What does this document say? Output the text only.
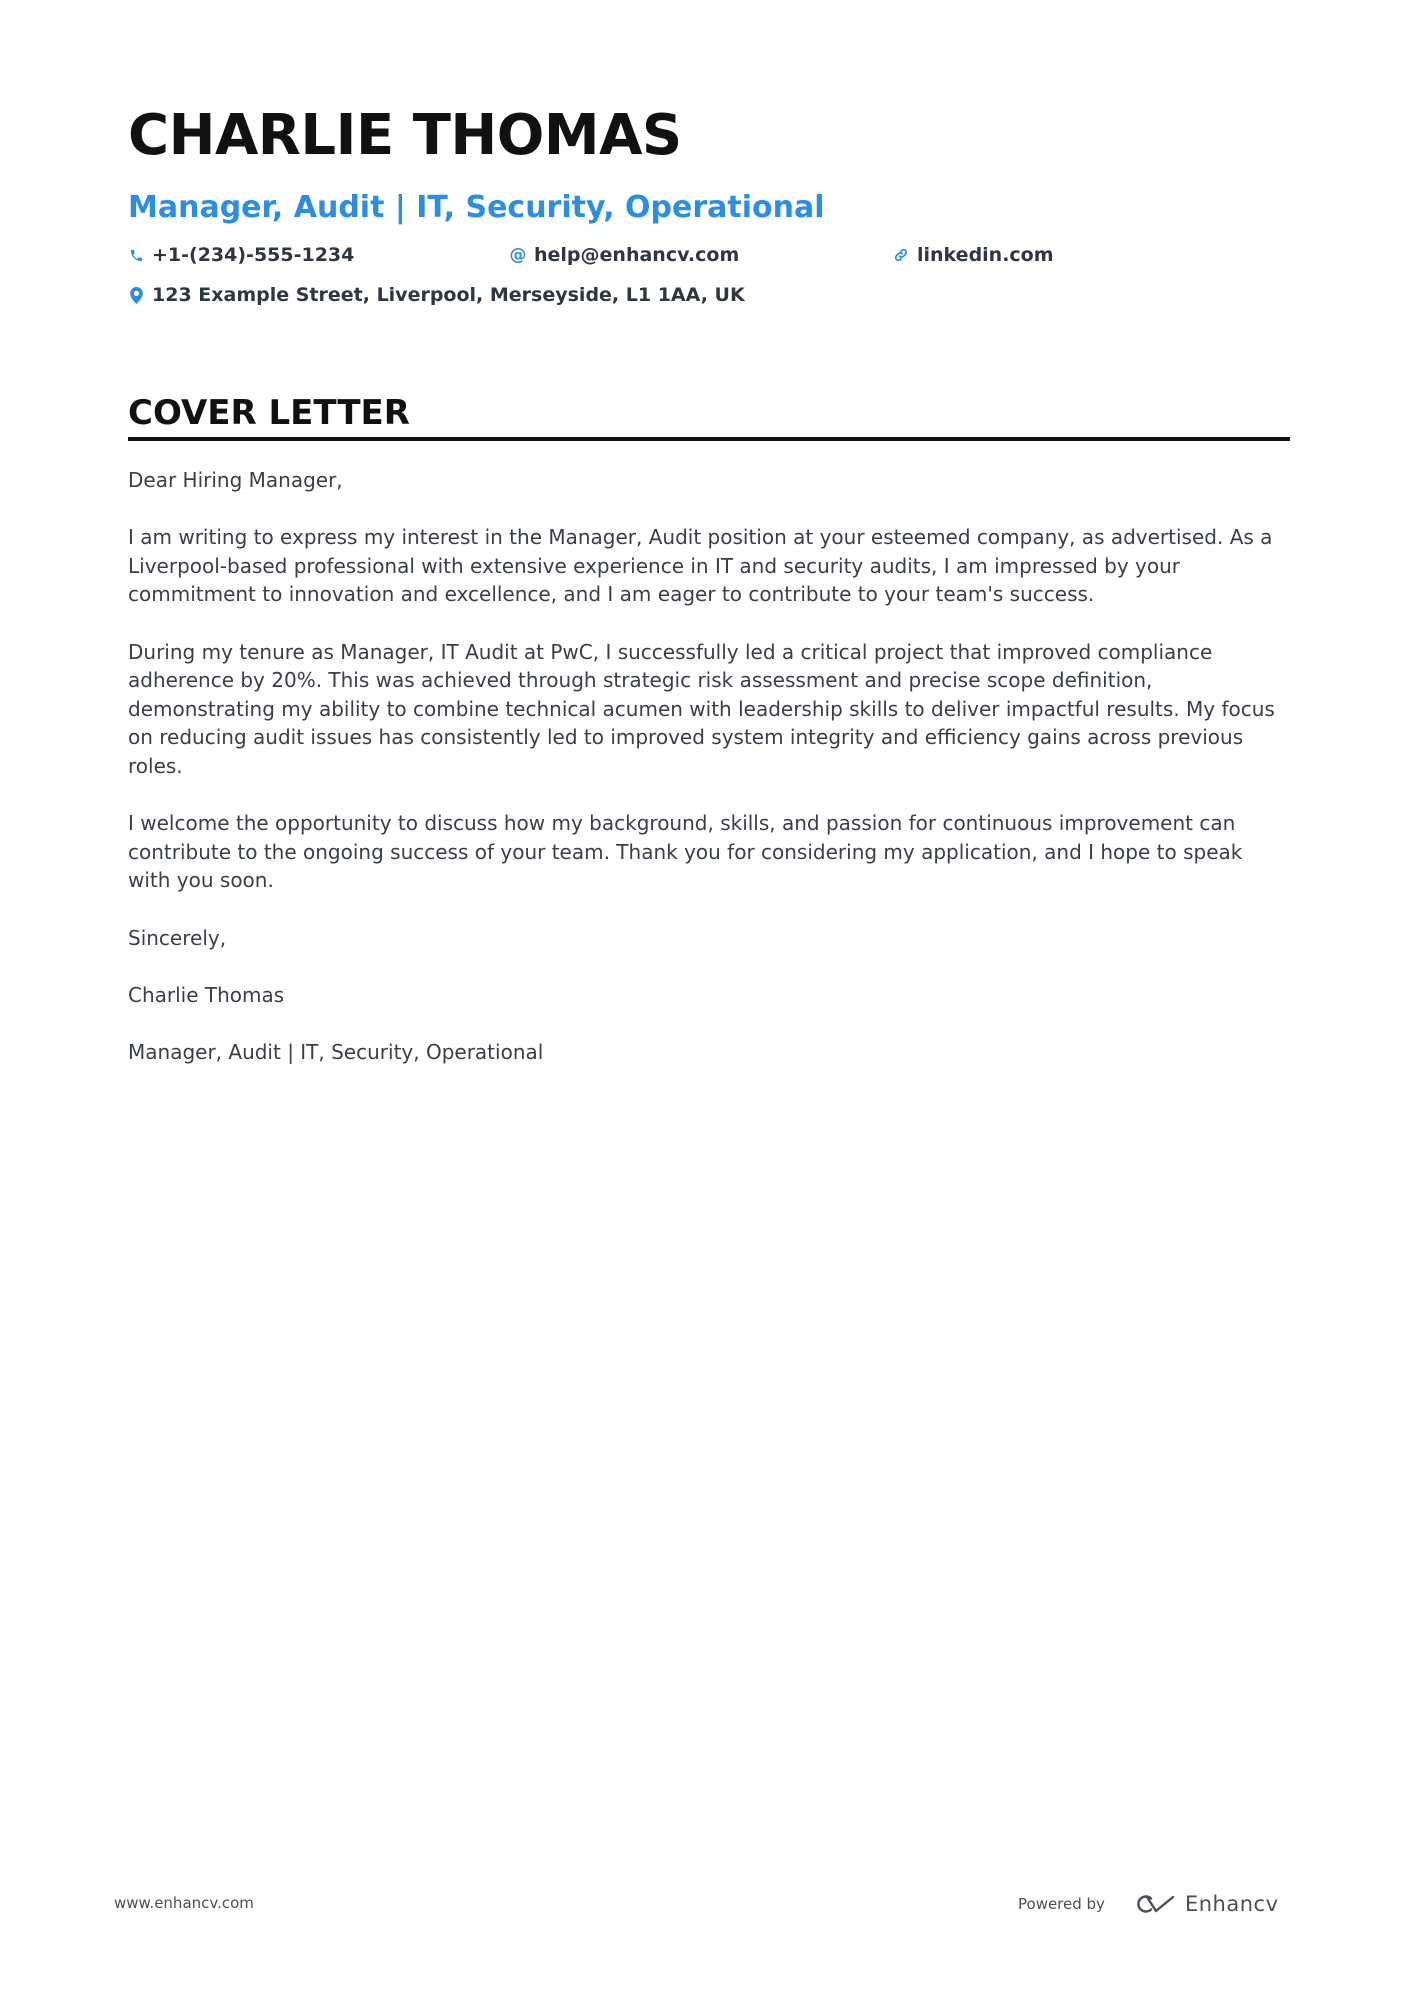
CHARLIE THOMAS
Manager, Audit | IT, Security, Operational
+1-(234)-555-1234	@ help@enhancv.com	linkedin.com
123 Example Street, Liverpool, Merseyside, L1 1AA, UK
COVER LETTER

Dear Hiring Manager,

I am writing to express my interest in the Manager, Audit position at your esteemed company, as advertised. As a Liverpool-based professional with extensive experience in IT and security audits, I am impressed by your commitment to innovation and excellence, and I am eager to contribute to your team's success.

During my tenure as Manager, IT Audit at PwC, I successfully led a critical project that improved compliance adherence by 20%. This was achieved through strategic risk assessment and precise scope definition, demonstrating my ability to combine technical acumen with leadership skills to deliver impactful results. My focus on reducing audit issues has consistently led to improved system integrity and efficiency gains across previous roles.

I welcome the opportunity to discuss how my background, skills, and passion for continuous improvement can contribute to the ongoing success of your team. Thank you for considering my application, and I hope to speak with you soon.

Sincerely,

Charlie Thomas

Manager, Audit | IT, Security, Operational

www.enhancv.com	Powered by	Enhancv
